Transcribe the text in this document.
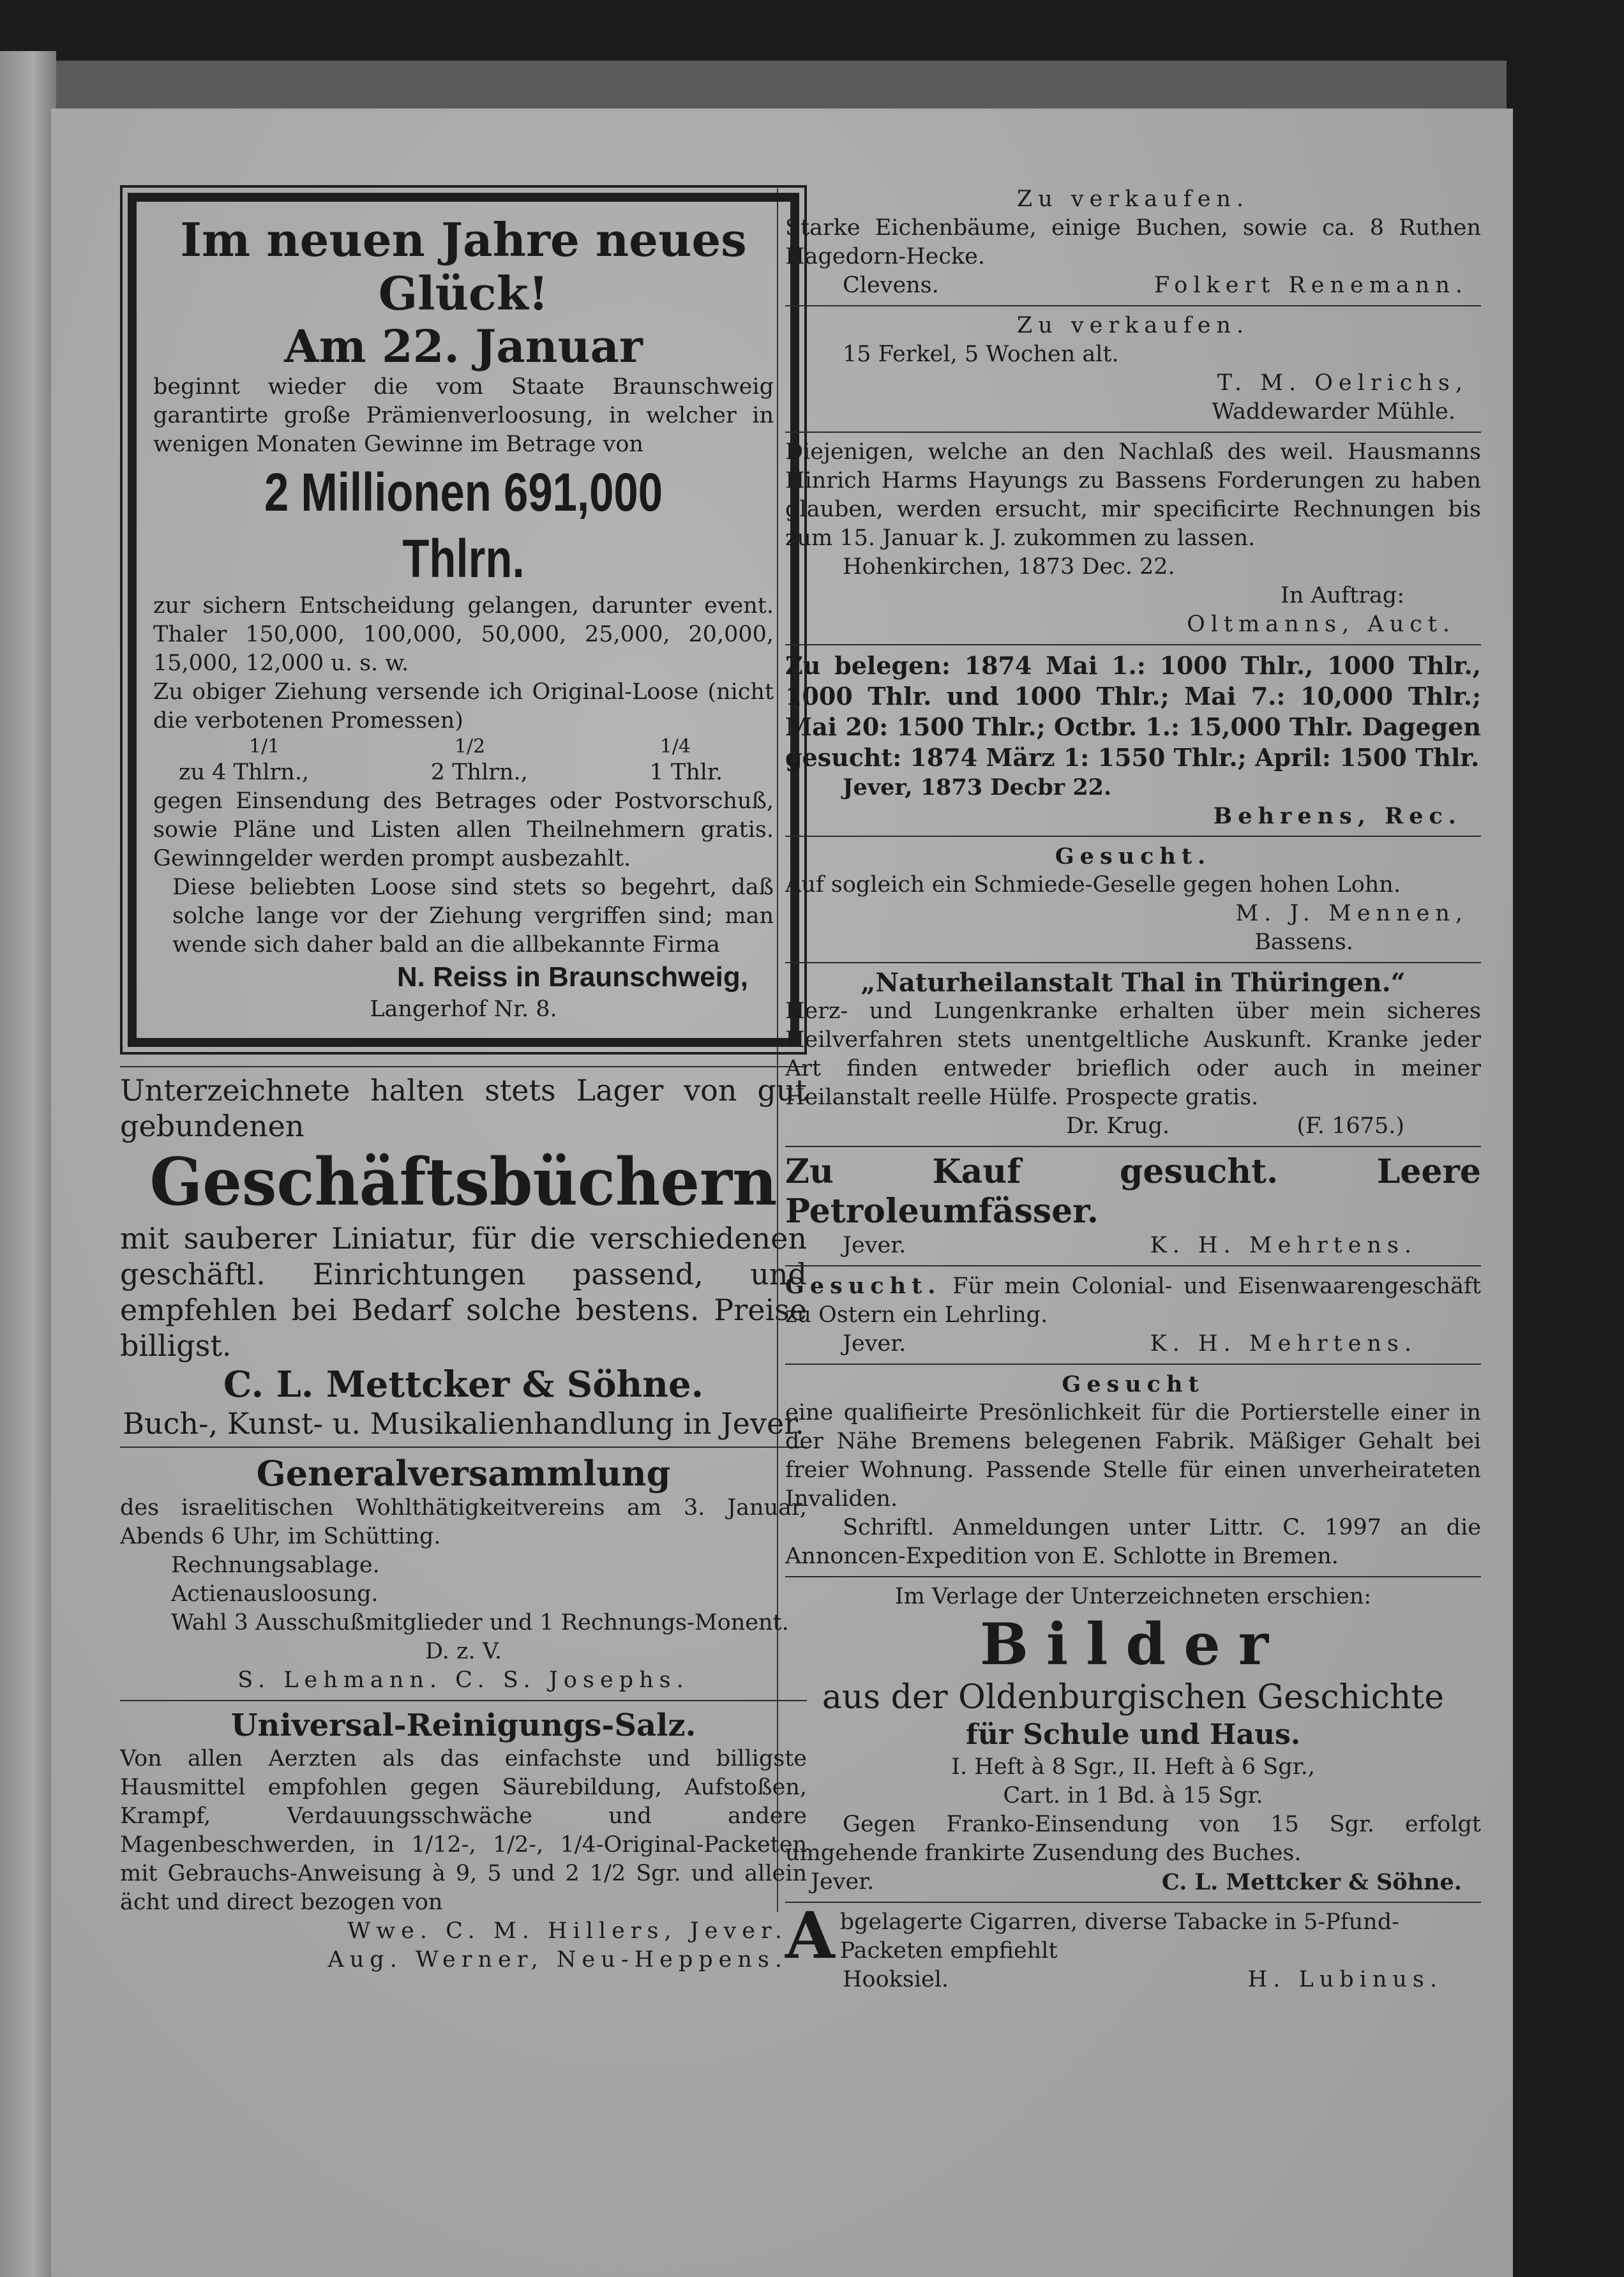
Im neuen Jahre neues
Glück!
Am 22. Januar

beginnt wieder die vom Staate Braunschweig garantirte große Prämienverloosung, in welcher in wenigen Monaten Gewinne im Betrage von

2 Millionen 691,000 Thlrn.

zur sichern Entscheidung gelangen, darunter event. Thaler 150,000, 100,000, 50,000, 25,000, 20,000, 15,000, 12,000 u. s. w.

Zu obiger Ziehung versende ich Original-Loose (nicht die verbotenen Promessen)

1/1	1/2	1/4
zu 4 Thlrn.,	2 Thlrn.,	1 Thlr.

gegen Einsendung des Betrages oder Postvorschuß, sowie Pläne und Listen allen Theilnehmern gratis. Gewinngelder werden prompt ausbezahlt.

Diese beliebten Loose sind stets so begehrt, daß solche lange vor der Ziehung vergriffen sind; man wende sich daher bald an die allbekannte Firma

N. Reiss in Braunschweig,
Langerhof Nr. 8.

Unterzeichnete halten stets Lager von gut gebundenen

Geschäftsbüchern

mit sauberer Liniatur, für die verschiedenen geschäftl. Einrichtungen passend, und empfehlen bei Bedarf solche bestens. Preise billigst.

C. L. Mettcker & Söhne.
Buch-, Kunst- u. Musikalienhandlung in Jever.
Generalversammlung

des israelitischen Wohlthätigkeitvereins am 3. Januar, Abends 6 Uhr, im Schütting.

Rechnungsablage.
Actienausloosung.
Wahl 3 Ausschußmitglieder und 1 Rechnungs-Monent.
D. z. V.
S. Lehmann. C. S. Josephs.
Universal-Reinigungs-Salz.

Von allen Aerzten als das einfachste und billigste Hausmittel empfohlen gegen Säurebildung, Aufstoßen, Krampf, Verdauungsschwäche und andere Magenbeschwerden, in 1/12-, 1/2-, 1/4-Original-Packeten mit Gebrauchs-Anweisung à 9, 5 und 2 1/2 Sgr. und allein ächt und direct bezogen von

Wwe. C. M. Hillers, Jever.
Aug. Werner, Neu-Heppens.
Zu verkaufen.

Starke Eichenbäume, einige Buchen, sowie ca. 8 Ruthen Hagedorn-Hecke.

Clevens.	Folkert Renemann.
Zu verkaufen.

15 Ferkel, 5 Wochen alt.

T. M. Oelrichs,
Waddewarder Mühle.

Diejenigen, welche an den Nachlaß des weil. Hausmanns Hinrich Harms Hayungs zu Bassens Forderungen zu haben glauben, werden ersucht, mir specificirte Rechnungen bis zum 15. Januar k. J. zukommen zu lassen.

Hohenkirchen, 1873 Dec. 22.
In Auftrag:
Oltmanns, Auct.

Zu belegen: 1874 Mai 1.: 1000 Thlr., 1000 Thlr., 1000 Thlr. und 1000 Thlr.; Mai 7.: 10,000 Thlr.; Mai 20: 1500 Thlr.; Octbr. 1.: 15,000 Thlr. Dagegen gesucht: 1874 März 1: 1550 Thlr.; April: 1500 Thlr.

Jever, 1873 Decbr 22.
Behrens, Rec.
Gesucht.

Auf sogleich ein Schmiede-Geselle gegen hohen Lohn.

M. J. Mennen,
Bassens.
„Naturheilanstalt Thal in Thüringen.“

Herz- und Lungenkranke erhalten über mein sicheres Heilverfahren stets unentgeltliche Auskunft. Kranke jeder Art finden entweder brieflich oder auch in meiner Heilanstalt reelle Hülfe. Prospecte gratis.

Dr. Krug.	(F. 1675.)

Zu Kauf gesucht. Leere Petroleumfässer.

Jever.	K. H. Mehrtens.

Gesucht. Für mein Colonial- und Eisenwaarengeschäft zu Ostern ein Lehrling.

Jever.	K. H. Mehrtens.
Gesucht

eine qualifieirte Presönlichkeit für die Portierstelle einer in der Nähe Bremens belegenen Fabrik. Mäßiger Gehalt bei freier Wohnung. Passende Stelle für einen unverheirateten Invaliden.

Schriftl. Anmeldungen unter Littr. C. 1997 an die Annoncen-Expedition von E. Schlotte in Bremen.

Im Verlage der Unterzeichneten erschien:
Bilder
aus der Oldenburgischen Geschichte
für Schule und Haus.
I. Heft à 8 Sgr., II. Heft à 6 Sgr.,
Cart. in 1 Bd. à 15 Sgr.

Gegen Franko-Einsendung von 15 Sgr. erfolgt umgehende frankirte Zusendung des Buches.

Jever.	C. L. Mettcker & Söhne.

Abgelagerte Cigarren, diverse Tabacke in 5-Pfund-Packeten empfiehlt

Hooksiel.	H. Lubinus.
